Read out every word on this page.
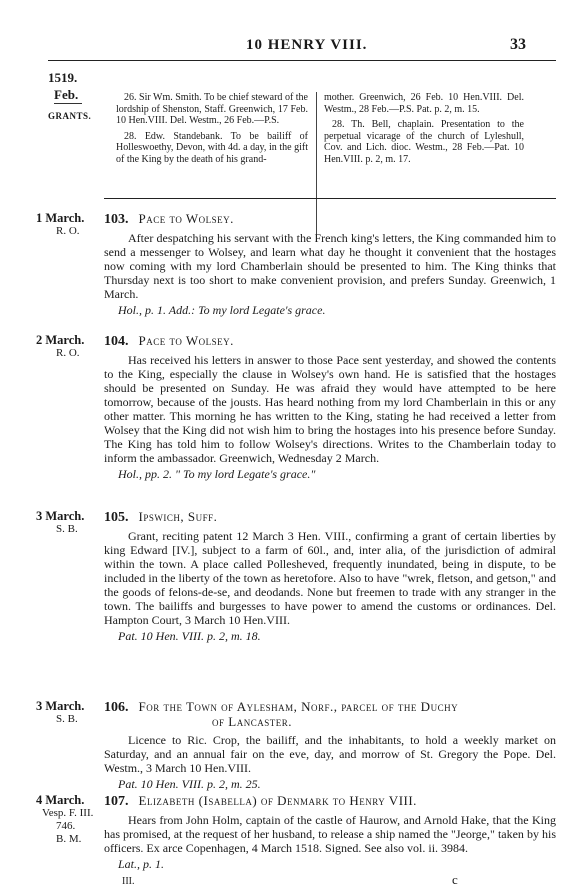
10 HENRY VIII.	33
1519.
Feb.
GRANTS.

26. Sir Wm. Smith. To be chief steward of the lordship of Shenston, Staff. Greenwich, 17 Feb. 10 Hen.VIII. Del. Westm., 26 Feb.—P.S.

28. Edw. Standebank. To be bailiff of Holleswoethy, Devon, with 4d. a day, in the gift of the King by the death of his grand-

mother. Greenwich, 26 Feb. 10 Hen.VIII. Del. Westm., 28 Feb.—P.S. Pat. p. 2, m. 15.

28. Th. Bell, chaplain. Presentation to the perpetual vicarage of the church of Lyleshull, Cov. and Lich. dioc. Westm., 28 Feb.—Pat. 10 Hen.VIII. p. 2, m. 17.

1 March.
R. O.
103. Pace to Wolsey.

After despatching his servant with the French king's letters, the King commanded him to send a messenger to Wolsey, and learn what day he thought it convenient that the hostages now coming with my lord Chamberlain should be presented to him. The King thinks that Thursday next is too short to make convenient provision, and prefers Sunday. Greenwich, 1 March.

Hol., p. 1. Add.: To my lord Legate's grace.
2 March.
R. O.
104. Pace to Wolsey.

Has received his letters in answer to those Pace sent yesterday, and showed the contents to the King, especially the clause in Wolsey's own hand. He is satisfied that the hostages should be presented on Sunday. He was afraid they would have attempted to be here tomorrow, because of the jousts. Has heard nothing from my lord Chamberlain in this or any other matter. This morning he has written to the King, stating he had received a letter from Wolsey that the King did not wish him to bring the hostages into his presence before Sunday. The King has told him to follow Wolsey's directions. Writes to the Chamberlain today to inform the ambassador. Greenwich, Wednesday 2 March.

Hol., pp. 2. " To my lord Legate's grace."
3 March.
S. B.
105. Ipswich, Suff.

Grant, reciting patent 12 March 3 Hen. VIII., confirming a grant of certain liberties by king Edward [IV.], subject to a farm of 60l., and, inter alia, of the jurisdiction of admiral within the town. A place called Pollesheved, frequently inundated, being in dispute, to be included in the liberty of the town as heretofore. Also to have "wrek, fletson, and getson," and the goods of felons-de-se, and deodands. None but freemen to trade with any stranger in the town. The bailiffs and burgesses to have power to amend the customs or ordinances. Del. Hampton Court, 3 March 10 Hen.VIII.

Pat. 10 Hen. VIII. p. 2, m. 18.
3 March.
S. B.
106. For the Town of Aylesham, Norf., parcel of the Duchy
of Lancaster.

Licence to Ric. Crop, the bailiff, and the inhabitants, to hold a weekly market on Saturday, and an annual fair on the eve, day, and morrow of St. Gregory the Pope. Del. Westm., 3 March 10 Hen.VIII.

Pat. 10 Hen. VIII. p. 2, m. 25.
4 March.
Vesp. F. III.
746.
B. M.
107. Elizabeth (Isabella) of Denmark to Henry VIII.

Hears from John Holm, captain of the castle of Haurow, and Arnold Hake, that the King has promised, at the request of her husband, to release a ship named the "Jeorge," taken by his officers. Ex arce Copenhagen, 4 March 1518. Signed. See also vol. ii. 3984.

Lat., p. 1.
III.	c
